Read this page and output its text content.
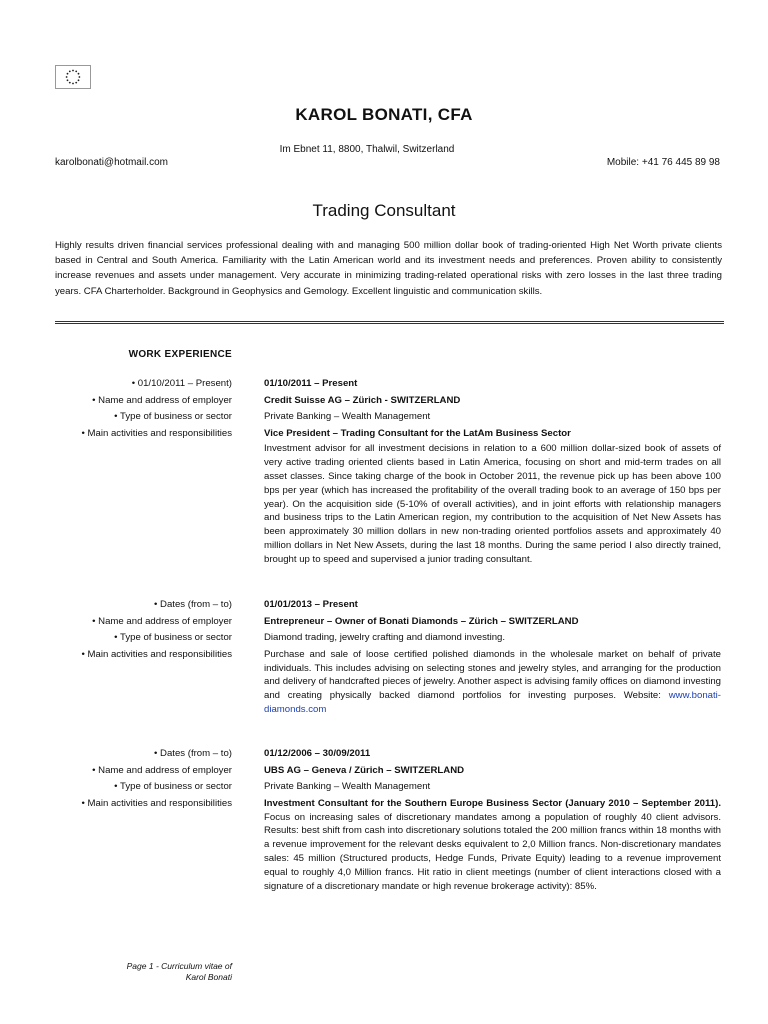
KAROL BONATI, CFA
Im Ebnet 11, 8800, Thalwil, Switzerland
karolbonati@hotmail.com	Mobile: +41 76 445 89 98
Trading Consultant
Highly results driven financial services professional dealing with and managing 500 million dollar book of trading-oriented High Net Worth private clients based in Central and South America. Familiarity with the Latin American world and its investment needs and preferences. Proven ability to consistently increase revenues and assets under management. Very accurate in minimizing trading-related operational risks with zero losses in the last three trading years. CFA Charterholder. Background in Geophysics and Gemology. Excellent linguistic and communication skills.
WORK EXPERIENCE
• 01/10/2011 – Present)	01/10/2011 – Present
• Name and address of employer	Credit Suisse AG – Zürich - SWITZERLAND
• Type of business or sector	Private Banking – Wealth Management
• Main activities and responsibilities	Vice President – Trading Consultant for the LatAm Business Sector
Investment advisor for all investment decisions in relation to a 600 million dollar-sized book of assets of very active trading oriented clients based in Latin America, focusing on short and mid-term trades on all asset classes. Since taking charge of the book in October 2011, the revenue pick up has been above 100 bps per year (which has increased the profitability of the overall trading book to an average of 150 bps per year). On the acquisition side (5-10% of overall activities), and in joint efforts with relationship managers and business trips to the Latin American region, my contribution to the acquisition of Net New Assets has been approximately 30 million dollars in new non-trading oriented portfolios assets and approximately 40 million dollars in Net New Assets, during the last 18 months. During the same period I also directly trained, brought up to speed and supervised a junior trading consultant.
• Dates (from – to)	01/01/2013 – Present
• Name and address of employer	Entrepreneur – Owner of Bonati Diamonds – Zürich – SWITZERLAND
• Type of business or sector	Diamond trading, jewelry crafting and diamond investing.
• Main activities and responsibilities	Purchase and sale of loose certified polished diamonds in the wholesale market on behalf of private individuals. This includes advising on selecting stones and jewelry styles, and arranging for the production and delivery of handcrafted pieces of jewelry. Another aspect is advising family offices on diamond investing and creating physically backed diamond portfolios for investing purposes. Website: www.bonati-diamonds.com
• Dates (from – to)	01/12/2006 – 30/09/2011
• Name and address of employer	UBS AG – Geneva / Zürich – SWITZERLAND
• Type of business or sector	Private Banking – Wealth Management
• Main activities and responsibilities	Investment Consultant for the Southern Europe Business Sector (January 2010 – September 2011). Focus on increasing sales of discretionary mandates among a population of roughly 40 client advisors. Results: best shift from cash into discretionary solutions totaled the 200 million francs within 18 months with a revenue improvement for the relevant desks equivalent to 2,0 Million francs. Non-discretionary mandates sales: 45 million (Structured products, Hedge Funds, Private Equity) leading to a revenue improvement equal to roughly 4,0 Million francs. Hit ratio in client meetings (number of client interactions closed with a signature of a discretionary mandate or high revenue brokerage activity): 85%.
Page 1 - Curriculum vitae of
Karol Bonati
